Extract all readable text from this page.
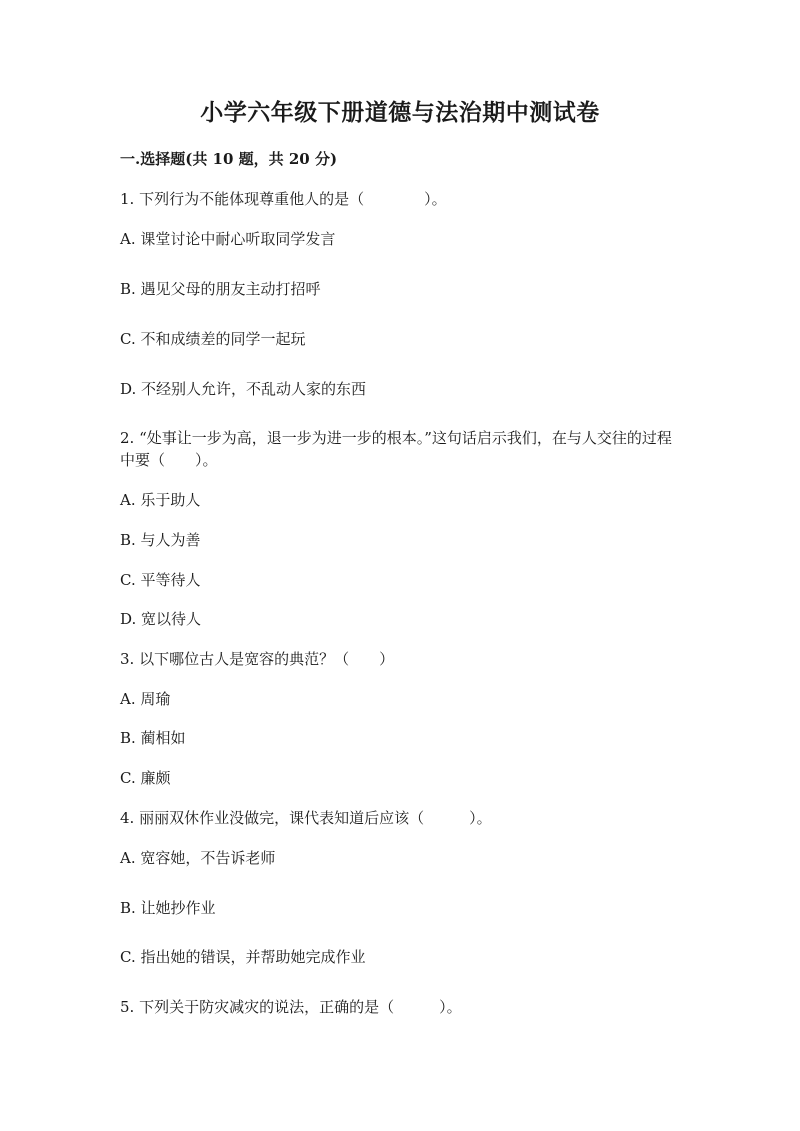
小学六年级下册道德与法治期中测试卷
一.选择题(共 10 题，共 20 分)
1. 下列行为不能体现尊重他人的是（　　　　）。
A. 课堂讨论中耐心听取同学发言
B. 遇见父母的朋友主动打招呼
C. 不和成绩差的同学一起玩
D. 不经别人允许，不乱动人家的东西
2. “处事让一步为高，退一步为进一步的根本。”这句话启示我们，在与人交往的过程中要（　　）。
A. 乐于助人
B. 与人为善
C. 平等待人
D. 宽以待人
3. 以下哪位古人是宽容的典范？（　　）
A. 周瑜
B. 蔺相如
C. 廉颇
4. 丽丽双休作业没做完，课代表知道后应该（　　　）。
A. 宽容她，不告诉老师
B. 让她抄作业
C. 指出她的错误，并帮助她完成作业
5. 下列关于防灾减灾的说法，正确的是（　　　）。
